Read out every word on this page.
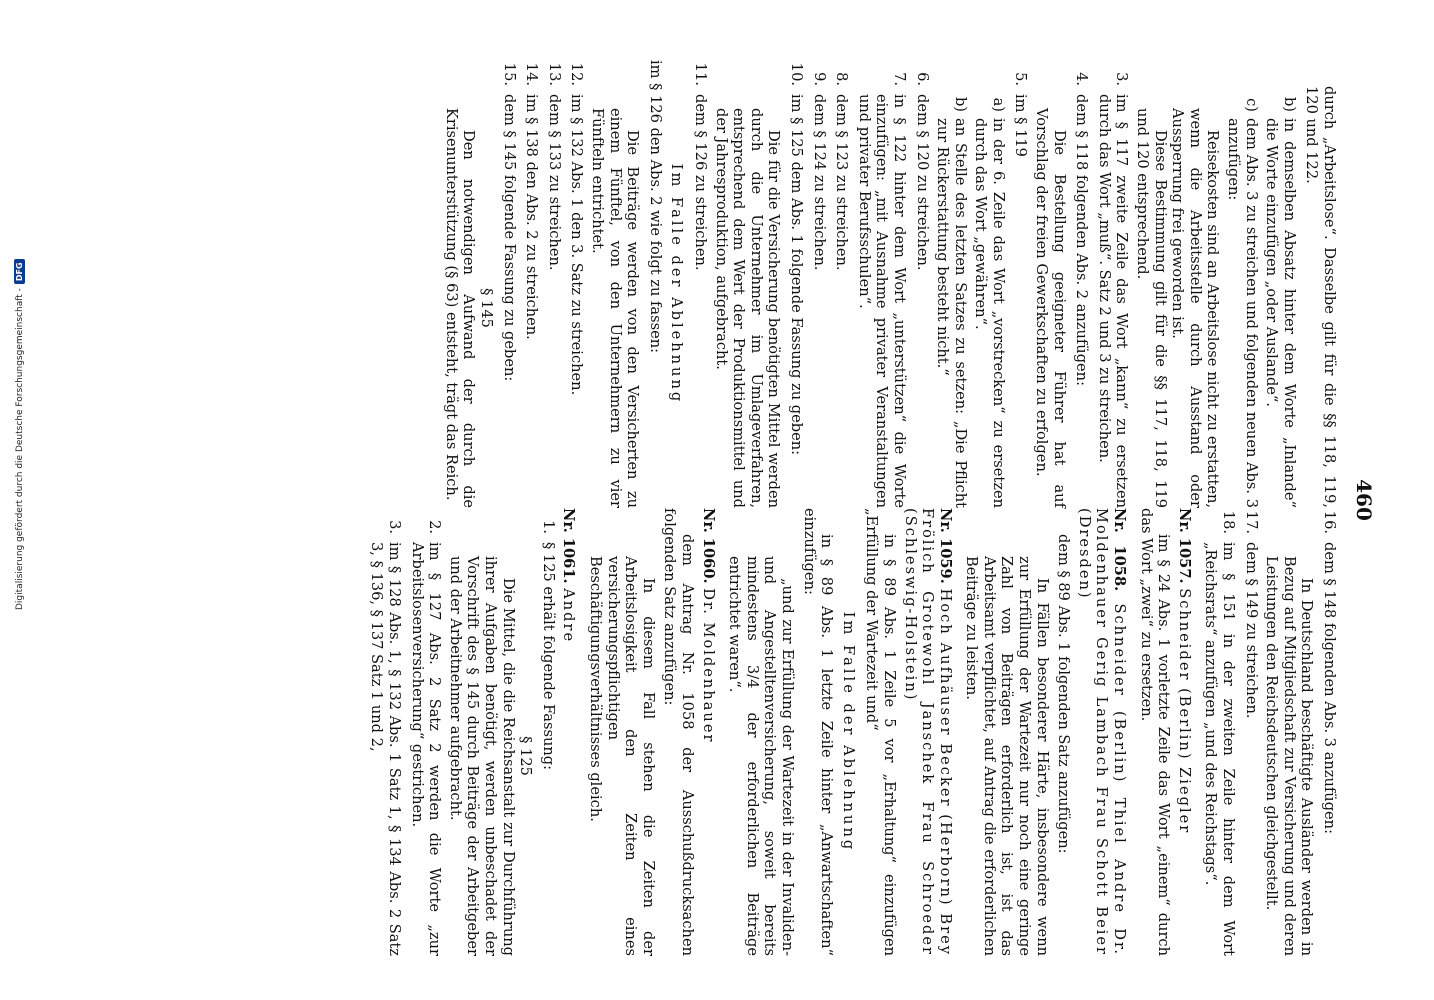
460
durch „Arbeitslose“. Dasselbe gilt für die §§ 118, 119, 120 und 122.
b)
in demselben Absatz hinter dem Worte „Inlande“ die Worte einzufügen „oder Auslande“.
c)
dem Abs. 3 zu streichen und folgenden neuen Abs. 3 anzufügen:
Reisekosten sind an Arbeitslose nicht zu erstatten, wenn die Arbeitsstelle durch Ausstand oder Aussperrung frei geworden ist.
Diese Bestimmung gilt für die §§ 117, 118, 119 und 120 entsprechend.
3.
im § 117 zweite Zeile das Wort „kann“ zu ersetzen durch das Wort „muß“. Satz 2 und 3 zu streichen.
4.
dem § 118 folgenden Abs. 2 anzufügen:
Die Bestellung geeigneter Führer hat auf Vorschlag der freien Gewerkschaften zu erfolgen.
5.
im § 119
a)
in der 6. Zeile das Wort „vorstrecken“ zu ersetzen durch das Wort „gewähren“.
b)
an Stelle des letzten Satzes zu setzen: „Die Pflicht zur Rückerstattung besteht nicht.“
6.
dem § 120 zu streichen.
7.
in § 122 hinter dem Wort „unterstützen“ die Worte einzufügen: „mit Ausnahme privater Veranstaltungen und privater Berufsschulen“.
8.
dem § 123 zu streichen.
9.
dem § 124 zu streichen.
10.
im § 125 dem Abs. 1 folgende Fassung zu geben:
Die für die Versicherung benötigten Mittel werden durch die Unternehmer im Umlageverfahren, entsprechend dem Wert der Produktionsmittel und der Jahresproduktion, aufgebracht.
11.
dem § 126 zu streichen.
Im Falle der Ablehnung
im § 126 den Abs. 2 wie folgt zu fassen:
Die Beiträge werden von den Versicherten zu einem Fünftel, von den Unternehmern zu vier Fünfteln entrichtet.
12.
im § 132 Abs. 1 den 3. Satz zu streichen.
13.
dem § 133 zu streichen.
14.
im § 138 den Abs. 2 zu streichen.
15.
dem § 145 folgende Fassung zu geben:
§ 145
Den notwendigen Aufwand der durch die Krisenunterstützung (§ 63) entsteht, trägt das Reich.
16.
dem § 148 folgenden Abs. 3 anzufügen:
In Deutschland beschäftigte Ausländer werden in Bezug auf Mitgliedschaft zur Versicherung und deren Leistungen den Reichsdeutschen gleichgestellt.
17.
dem § 149 zu streichen.
18.
im § 151 in der zweiten Zeile hinter dem Wort „Reichsrats“ anzufügen „und des Reichstags“.
Nr. 1057. Schneider (Berlin) Ziegler
im § 24 Abs. 1 vorletzte Zeile das Wort „einem“ durch das Wort „zwei“ zu ersetzen.
Nr. 1058. Schneider (Berlin) Thiel Andre Dr. Moldenhauer Gerig Lambach Frau Schott Beier (Dresden)
dem § 89 Abs. 1 folgenden Satz anzufügen:
In Fällen besonderer Härte, insbesondere wenn zur Erfüllung der Wartezeit nur noch eine geringe Zahl von Beiträgen erforderlich ist, ist das Arbeitsamt verpflichtet, auf Antrag die erforderlichen Beiträge zu leisten.
Nr. 1059. Hoch Aufhäuser Becker (Herborn) Brey Frölich Grotewohl Janschek Frau Schroeder (Schleswig-Holstein)
in § 89 Abs. 1 Zeile 5 vor „Erhaltung“ einzufügen „Erfüllung der Wartezeit und“
Im Falle der Ablehnung
in § 89 Abs. 1 letzte Zeile hinter „Anwartschaften“ einzufügen:
„und zur Erfüllung der Wartezeit in der Invaliden- und Angestelltenversicherung, soweit bereits mindestens 3/4 der erforderlichen Beiträge entrichtet waren“.
Nr. 1060. Dr. Moldenhauer
dem Antrag Nr. 1058 der Ausschußdrucksachen folgenden Satz anzufügen:
In diesem Fall stehen die Zeiten der Arbeitslosigkeit den Zeiten eines versicherungspflichtigen Beschäftigungsverhältnisses gleich.
Nr. 1061. Andre
1.
§ 125 erhält folgende Fassung:
§ 125
Die Mittel, die die Reichsanstalt zur Durchführung ihrer Aufgaben benötigt, werden unbeschadet der Vorschrift des § 145 durch Beiträge der Arbeitgeber und der Arbeitnehmer aufgebracht.
2.
im § 127 Abs. 2 Satz 2 werden die Worte „zur Arbeitslosenversicherung“ gestrichen.
3.
im § 128 Abs. 1, § 132 Abs. 1 Satz 1, § 134 Abs. 2 Satz 3, § 136, § 137 Satz 1 und 2,
Digitalisierung gefördert durch die Deutsche Forschungsgemeinschaft -
DFG
